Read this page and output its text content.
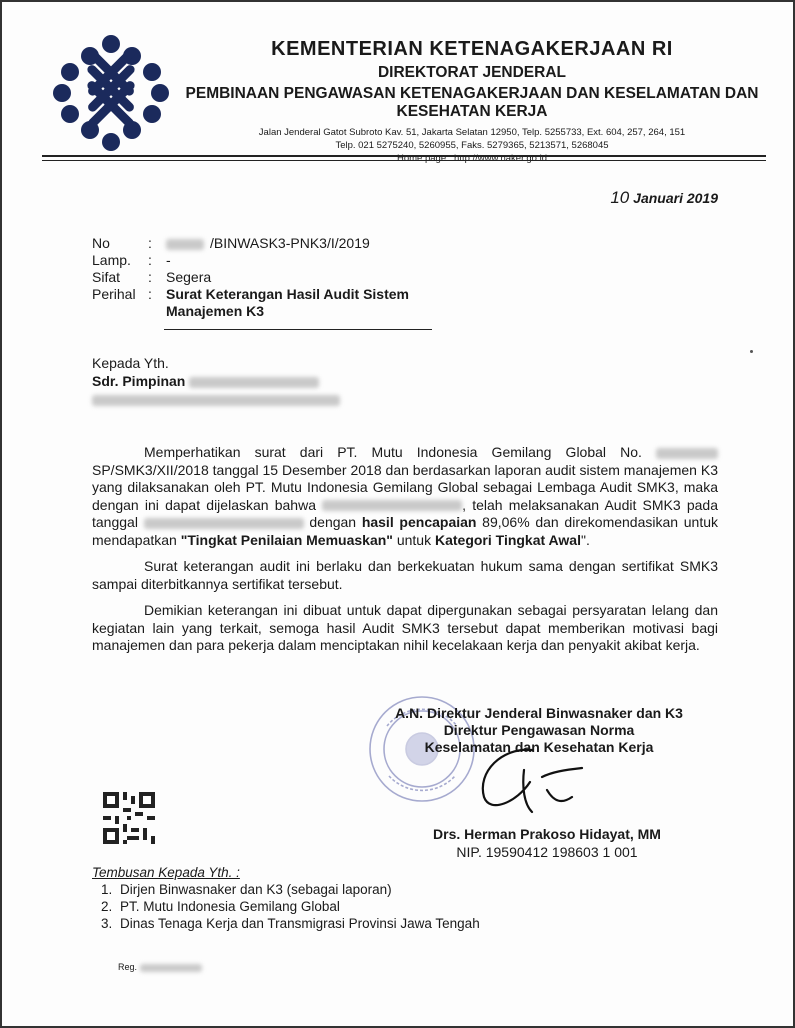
KEMENTERIAN KETENAGAKERJAAN RI
DIREKTORAT JENDERAL
PEMBINAAN PENGAWASAN KETENAGAKERJAAN DAN KESELAMATAN DAN KESEHATAN KERJA
Jalan Jenderal Gatot Subroto Kav. 51, Jakarta Selatan 12950, Telp. 5255733, Ext. 604, 257, 264, 151
Telp. 021 5275240, 5260955, Faks. 5279365, 5213571, 5268045
Home page : http://www.naker.go.id
10 Januari 2019
No	:	/BINWASK3-PNK3/I/2019
Lamp.	:	-
Sifat	:	Segera
Perihal :	Surat Keterangan Hasil Audit Sistem
Manajemen K3
Kepada Yth.
Sdr. Pimpinan

Memperhatikan surat dari PT. Mutu Indonesia Gemilang Global No.  SP/SMK3/XII/2018 tanggal 15 Desember 2018 dan berdasarkan laporan audit sistem manajemen K3 yang dilaksanakan oleh PT. Mutu Indonesia Gemilang Global sebagai Lembaga Audit SMK3, maka dengan ini dapat dijelaskan bahwa	, telah melaksanakan Audit SMK3 pada tanggal	dengan hasil pencapaian 89,06% dan direkomendasikan untuk mendapatkan "Tingkat Penilaian Memuaskan" untuk Kategori Tingkat Awal".

Surat keterangan audit ini berlaku dan berkekuatan hukum sama dengan sertifikat SMK3 sampai diterbitkannya sertifikat tersebut.

Demikian keterangan ini dibuat untuk dapat dipergunakan sebagai persyaratan lelang dan kegiatan lain yang terkait, semoga hasil Audit SMK3 tersebut dapat memberikan motivasi bagi manajemen dan para pekerja dalam menciptakan nihil kecelakaan kerja dan penyakit akibat kerja.

A.N. Direktur Jenderal Binwasnaker dan K3
Direktur Pengawasan Norma
Keselamatan dan Kesehatan Kerja
Drs. Herman Prakoso Hidayat, MM
NIP. 19590412 198603 1 001
Tembusan Kepada Yth. :
1. Dirjen Binwasnaker dan K3 (sebagai laporan)
2. PT. Mutu Indonesia Gemilang Global
3. Dinas Tenaga Kerja dan Transmigrasi Provinsi Jawa Tengah
Reg.
